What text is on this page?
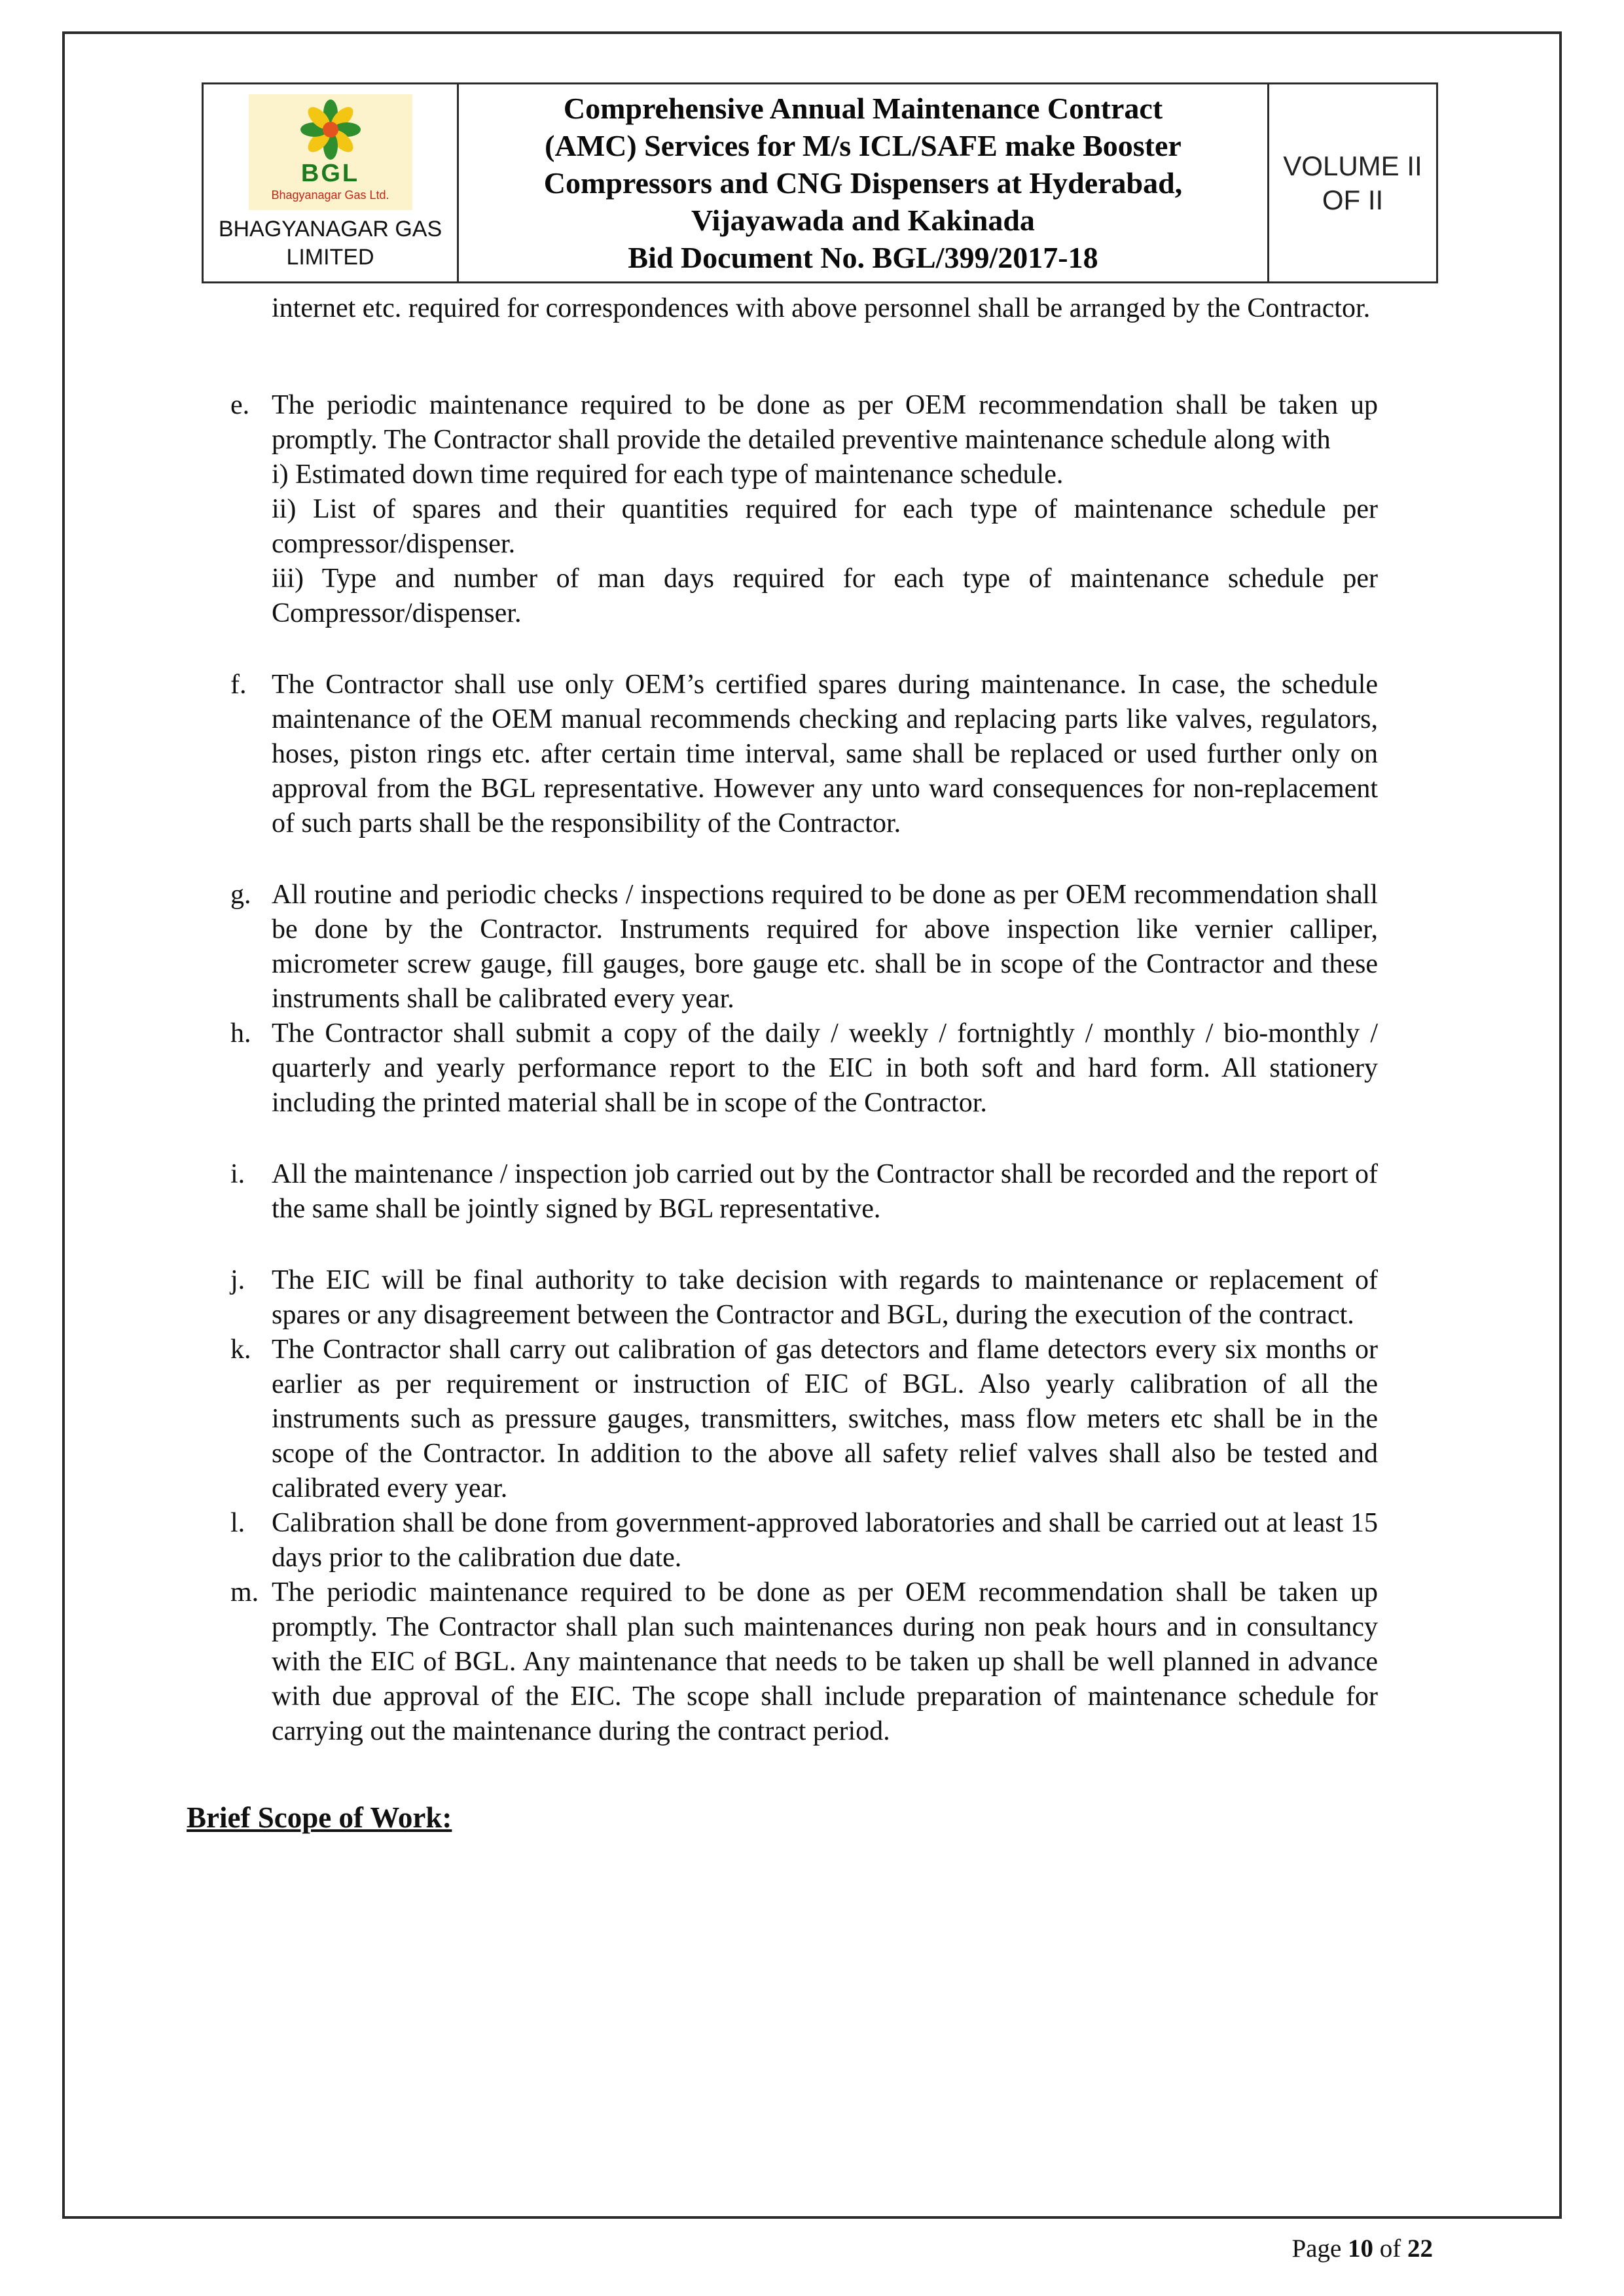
BGL
Bhagyanagar Gas Ltd.
BHAGYANAGAR GAS
LIMITED

Comprehensive Annual Maintenance Contract
(AMC) Services for M/s ICL/SAFE make Booster
Compressors and CNG Dispensers at Hyderabad,
Vijayawada and Kakinada
Bid Document No. BGL/399/2017-18

VOLUME II
OF II

internet etc. required for correspondences with above personnel shall be arranged by the Contractor.

e. The periodic maintenance required to be done as per OEM recommendation shall be taken up promptly. The Contractor shall provide the detailed preventive maintenance schedule along with

i) Estimated down time required for each type of maintenance schedule.

ii) List of spares and their quantities required for each type of maintenance schedule per compressor/dispenser.

iii) Type and number of man days required for each type of maintenance schedule per Compressor/dispenser.

f. The Contractor shall use only OEM’s certified spares during maintenance. In case, the schedule maintenance of the OEM manual recommends checking and replacing parts like valves, regulators, hoses, piston rings etc. after certain time interval, same shall be replaced or used further only on approval from the BGL representative. However any unto ward consequences for non-replacement of such parts shall be the responsibility of the Contractor.

g. All routine and periodic checks / inspections required to be done as per OEM recommendation shall be done by the Contractor. Instruments required for above inspection like vernier calliper, micrometer screw gauge, fill gauges, bore gauge etc. shall be in scope of the Contractor and these instruments shall be calibrated every year.

h. The Contractor shall submit a copy of the daily / weekly / fortnightly / monthly / bio-monthly / quarterly and yearly performance report to the EIC in both soft and hard form. All stationery including the printed material shall be in scope of the Contractor.

i. All the maintenance / inspection job carried out by the Contractor shall be recorded and the report of the same shall be jointly signed by BGL representative.

j. The EIC will be final authority to take decision with regards to maintenance or replacement of spares or any disagreement between the Contractor and BGL, during the execution of the contract.

k. The Contractor shall carry out calibration of gas detectors and flame detectors every six months or earlier as per requirement or instruction of EIC of BGL. Also yearly calibration of all the instruments such as pressure gauges, transmitters, switches, mass flow meters etc shall be in the scope of the Contractor. In addition to the above all safety relief valves shall also be tested and calibrated every year.

l. Calibration shall be done from government-approved laboratories and shall be carried out at least 15 days prior to the calibration due date.

m. The periodic maintenance required to be done as per OEM recommendation shall be taken up promptly. The Contractor shall plan such maintenances during non peak hours and in consultancy with the EIC of BGL. Any maintenance that needs to be taken up shall be well planned in advance with due approval of the EIC. The scope shall include preparation of maintenance schedule for carrying out the maintenance during the contract period.

Brief Scope of Work:
Page 10 of 22
